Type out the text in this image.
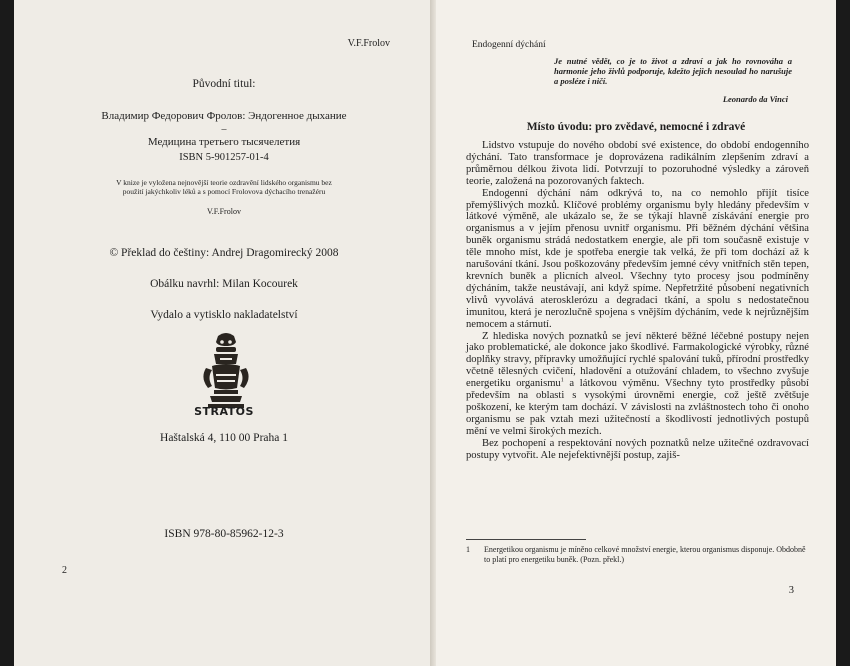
V.F.Frolov
Původní titul:
Владимир Федорович Фролов: Эндогенное дыхание
–
Медицина третьего тысячелетия
ISBN 5-901257-01-4
V knize je vyložena nejnovější teorie ozdravění lidského organismu bez
použití jakýchkoliv léků a s pomocí Frolovova dýchacího trenažéru
V.F.Frolov
© Překlad do češtiny: Andrej Dragomirecký 2008
Obálku navrhl: Milan Kocourek
Vydalo a vytisklo nakladatelství
STRATOS
Haštalská 4, 110 00 Praha 1
ISBN 978-80-85962-12-3
2
Endogenní dýchání
Je nutné vědět, co je to život a zdraví a jak ho rovnováha a harmonie jeho živlů podporuje, kdežto jejich nesoulad ho narušuje a posléze i ničí.
Leonardo da Vinci
Místo úvodu: pro zvědavé, nemocné i zdravé

Lidstvo vstupuje do nového období své existence, do období endogenního dýchání. Tato transformace je doprovázena radikálním zlepšením zdraví a průměrnou délkou života lidí. Potvrzují to pozoruhodné výsledky a zároveň teorie, založená na pozorovaných faktech.

Endogenní dýchání nám odkrývá to, na co nemohlo přijít tisíce přemýšlivých mozků. Klíčové problémy organismu byly hledány především v látkové výměně, ale ukázalo se, že se týkají hlavně získávání energie pro organismus a v jejím přenosu uvnitř organismu. Při běžném dýchání většina buněk organismu strádá nedostatkem energie, ale při tom současně existuje v těle mnoho míst, kde je spotřeba energie tak velká, že při tom dochází až k narušování tkání. Jsou poškozovány především jemné cévy vnitřních stěn tepen, krevních buněk a plicních alveol. Všechny tyto procesy jsou podmíněny dýcháním, takže neustávají, ani když spíme. Nepřetržité působení negativních vlivů vyvolává aterosklerózu a degradaci tkání, a spolu s nedostatečnou imunitou, která je nerozlučně spojena s vnějším dýcháním, vede k nejrůznějším nemocem a stárnutí.

Z hlediska nových poznatků se jeví některé běžné léčebné postupy nejen jako problematické, ale dokonce jako škodlivé. Farmakologické výrobky, různé doplňky stravy, přípravky umožňující rychlé spalování tuků, přírodní prostředky včetně tělesných cvičení, hladovění a otužování chladem, to všechno zvyšuje energetiku organismu$^1$ a látkovou výměnu. Všechny tyto prostředky působí především na oblasti s vysokými úrovněmi energie, což ještě zvětšuje poškození, ke kterým tam dochází. V závislosti na zvláštnostech toho či onoho organismu se pak vztah mezi užitečností a škodlivostí jednotlivých postupů mění ve velmi širokých mezích.

Bez pochopení a respektování nových poznatků nelze užitečné ozdravovací postupy vytvořit. Ale nejefektivnější postup, zajiš-

1 Energetikou organismu je míněno celkové množství energie, kterou organismus disponuje. Obdobně to platí pro energetiku buněk. (Pozn. překl.)
3
